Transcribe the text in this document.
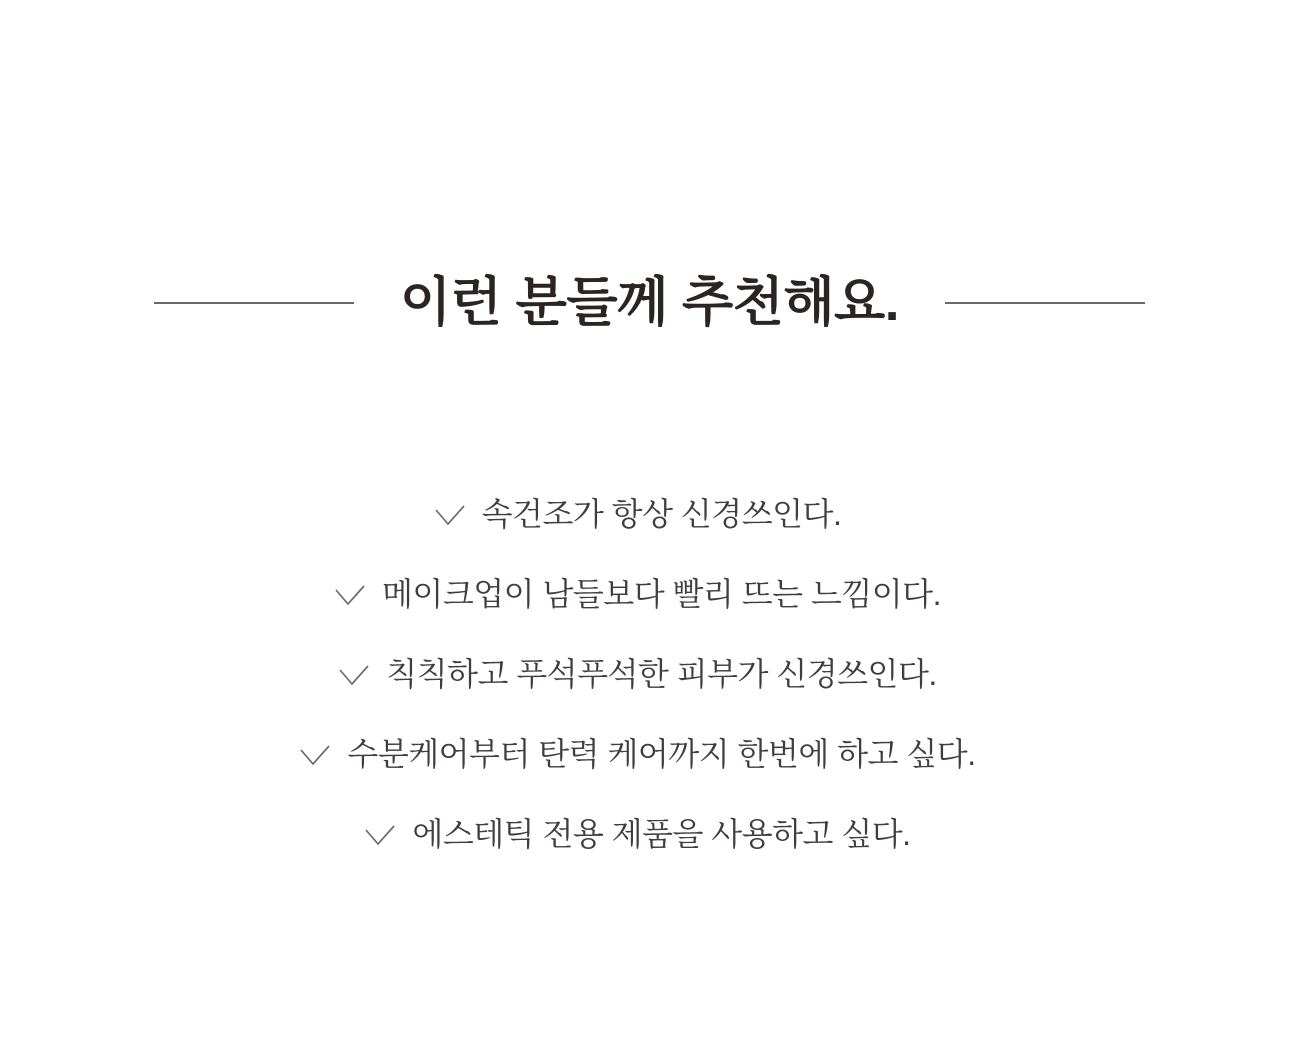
이런 분들께 추천해요.
속건조가 항상 신경쓰인다.
메이크업이 남들보다 빨리 뜨는 느낌이다.
칙칙하고 푸석푸석한 피부가 신경쓰인다.
수분케어부터 탄력 케어까지 한번에 하고 싶다.
에스테틱 전용 제품을 사용하고 싶다.
